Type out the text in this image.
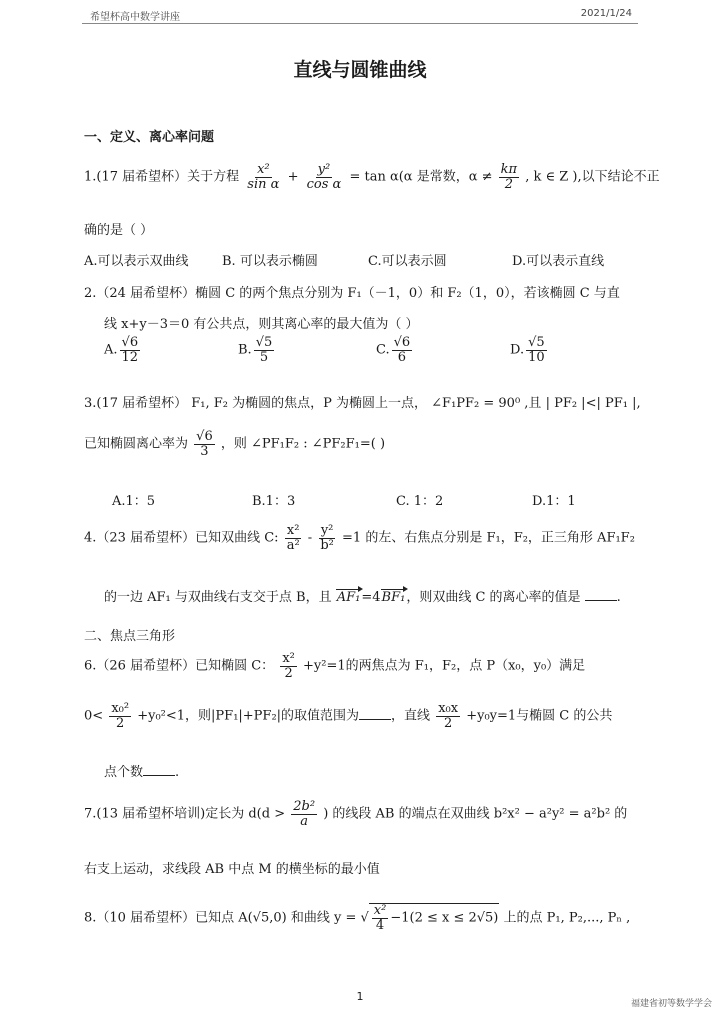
希望杯高中数学讲座	2021/1/24
直线与圆锥曲线
一、定义、离心率问题
1.(17 届希望杯）关于方程 $\frac{\text{x²}}{\text{sin α}} + \frac{\text{y²}}{\text{cos α}} = \tan \alpha(\alpha$ 是常数，$\alpha \ne \frac{k\pi}{2}$ , k ∈ Z ),以下结论不正
确的是（ ）
A.可以表示双曲线	B. 可以表示椭圆	C.可以表示圆	D.可以表示直线
2.（24 届希望杯）椭圆 C 的两个焦点分别为 F₁（－1，0）和 F₂（1，0），若该椭圆 C 与直
线 x+y－3＝0 有公共点，则其离心率的最大值为（ ）
A. $\frac{√6}{12}$	B. $\frac{√5}{5}$	C. $\frac{√6}{6}$	D. $\frac{√5}{10}$
3.(17 届希望杯） F₁, F₂ 为椭圆的焦点，P 为椭圆上一点， ∠F₁PF₂ = 90⁰ ,且 | PF₂ |<| PF₁ |,
已知椭圆离心率为 $\frac{√6}{3}$ ，则 ∠PF₁F₂ : ∠PF₂F₁=( )
A.1：5	B.1：3	C. 1：2	D.1：1
4.（23 届希望杯）已知双曲线 C: $\frac{\text{x²}}{\text{a²}} - \frac{\text{y²}}{\text{b²}} =1$ 的左、右焦点分别是 F₁，F₂，正三角形 AF₁F₂
的一边 AF₁ 与双曲线右支交于点 B，且 AF₁=4BF₁，则双曲线 C 的离心率的值是	.
二、焦点三角形
6.（26 届希望杯）已知椭圆 C： $\frac{\text{x²}}{2} +y^2=1$的两焦点为 F₁，F₂，点 P（x₀，y₀）满足
$0< \frac{\text{x₀²}}{2} +y_0^2<1$，则|PF₁|+PF₂|的取值范围为 ，直线 $\frac{\text{x₀x}}{2} +y_0y=1$与椭圆 C 的公共
点个数 .
7.(13 届希望杯培训)定长为 $d(d > \frac{\text{2b²}}{a}$ ) 的线段 AB 的端点在双曲线 b²x² − a²y² = a²b² 的
右支上运动，求线段 AB 中点 M 的横坐标的最小值
8.（10 届希望杯）已知点 A(√5,0) 和曲线 y = √ $\frac{\text{x²}}{4} -1(2 \le x \le 2√5)$ 上的点 P₁, P₂,..., Pₙ ,
1
福建省初等数学学会
